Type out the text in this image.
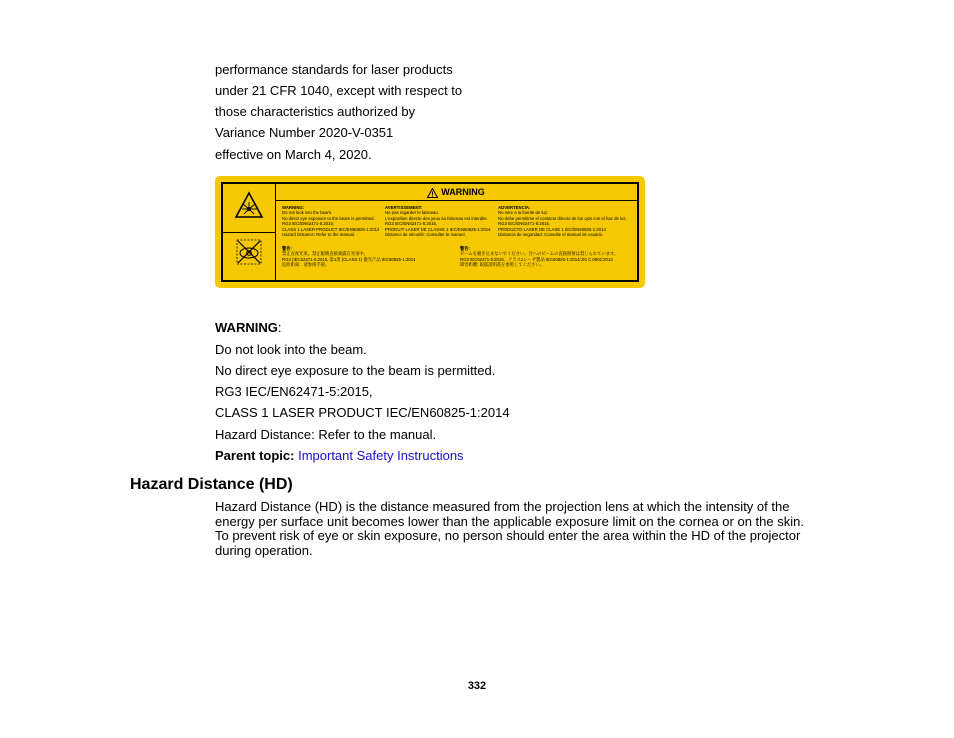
performance standards for laser products
under 21 CFR 1040, except with respect to
those characteristics authorized by
Variance Number 2020-V-0351
effective on March 4, 2020.
WARNING
WARNING:
Do not look into the beam.
No direct eye exposure to the beam is permitted.
RG3 IEC/EN62471-5:2015,
CLASS 1 LASER PRODUCT IEC/EN60825-1:2014
Hazard Distance: Refer to the manual.
AVERTISSEMENT:
Ne pas regarder le faisceau.
L'exposition directe des yeux au faisceau est interdite.
RG3 IEC/EN62471-5:2015,
PRODUIT LASER DE CLASSE 1 IEC/EN60825-1:2014
Distance de sécurité: Consulter le manuel.
ADVERTENCIA:
No mire a la fuente de luz.
No debe permitirse el contacto directo de los ojos con el haz de luz.
RG3 IEC/EN62471-5:2015,
PRODUCTO LASER DE CLASE 1 IEC/EN60825-1:2014
Distancia de seguridad: Consulte el manual de usuario.
警告:
禁止直视光束。禁止眼睛直接暴露在光束中。
RG3 (IEC62471-5:2015, 第1类 (CLASS 1) 激光产品 IEC60825-1:2014
危险距离：请参阅手册。
警告:
ビームを覗き込まないでください。目へのビームの直接照射は禁じられています。
RG3 IEC62471-5:2015、クラス1レーザ製品 IEC60825-1:2014/JIS C 6802:2014
障害距離: 取扱説明書を参照してください。
WARNING:
Do not look into the beam.
No direct eye exposure to the beam is permitted.
RG3 IEC/EN62471-5:2015,
CLASS 1 LASER PRODUCT IEC/EN60825-1:2014
Hazard Distance: Refer to the manual.
Parent topic: Important Safety Instructions
Hazard Distance (HD)
Hazard Distance (HD) is the distance measured from the projection lens at which the intensity of the energy per surface unit becomes lower than the applicable exposure limit on the cornea or on the skin. To prevent risk of eye or skin exposure, no person should enter the area within the HD of the projector during operation.
332
